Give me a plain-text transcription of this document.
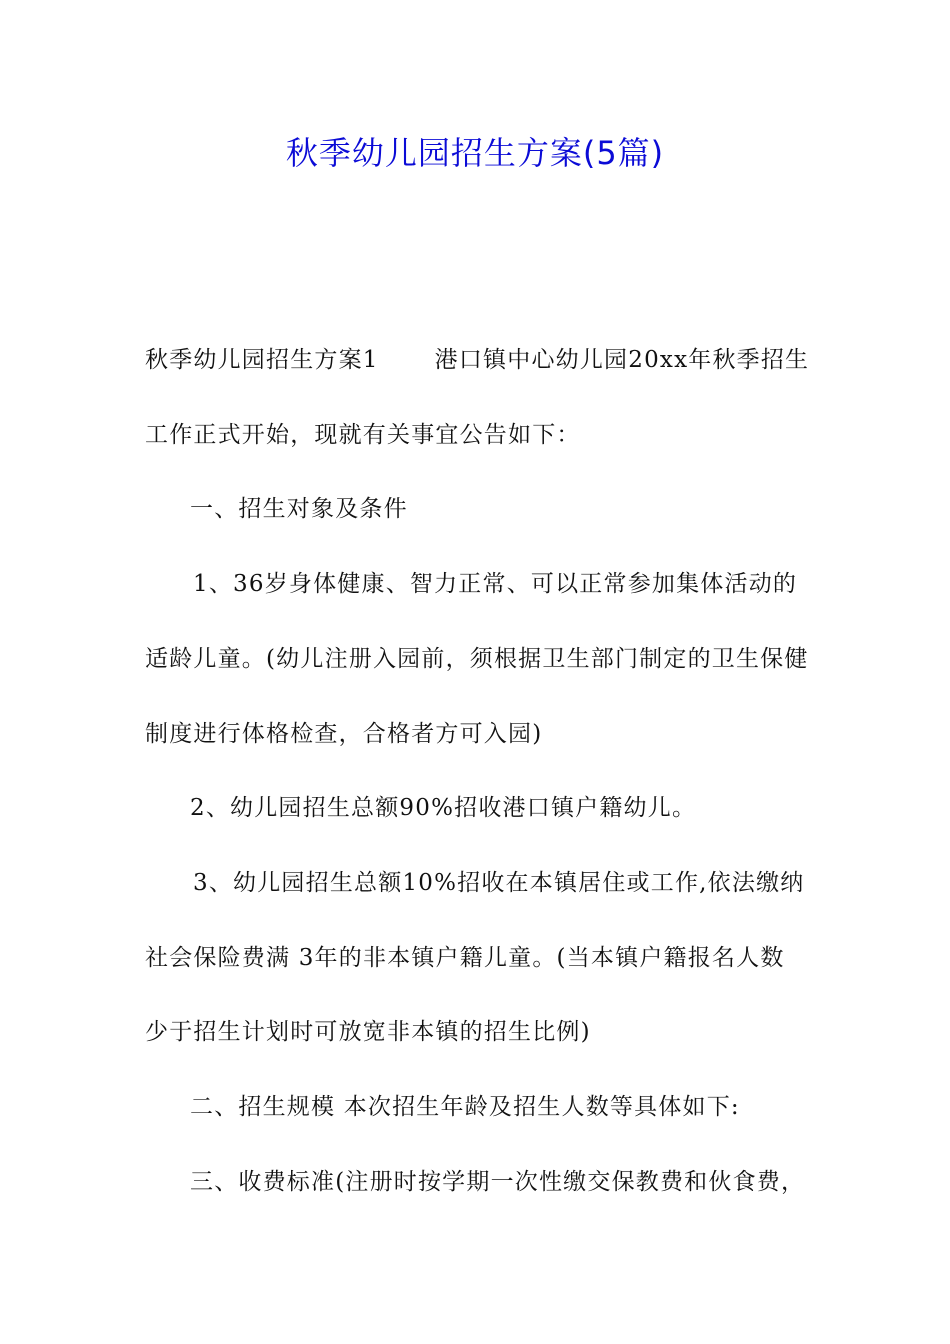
秋季幼儿园招生方案(5篇)
秋季幼儿园招生方案1 港口镇中心幼儿园20xx年秋季招生
工作正式开始，现就有关事宜公告如下：
一、招生对象及条件
1、36岁身体健康、智力正常、可以正常参加集体活动的
适龄儿童。(幼儿注册入园前，须根据卫生部门制定的卫生保健
制度进行体格检查，合格者方可入园)
2、幼儿园招生总额90%招收港口镇户籍幼儿。
3、幼儿园招生总额10%招收在本镇居住或工作,依法缴纳
社会保险费满 3年的非本镇户籍儿童。(当本镇户籍报名人数
少于招生计划时可放宽非本镇的招生比例)
二、招生规模 本次招生年龄及招生人数等具体如下:
三、收费标准(注册时按学期一次性缴交保教费和伙食费，
